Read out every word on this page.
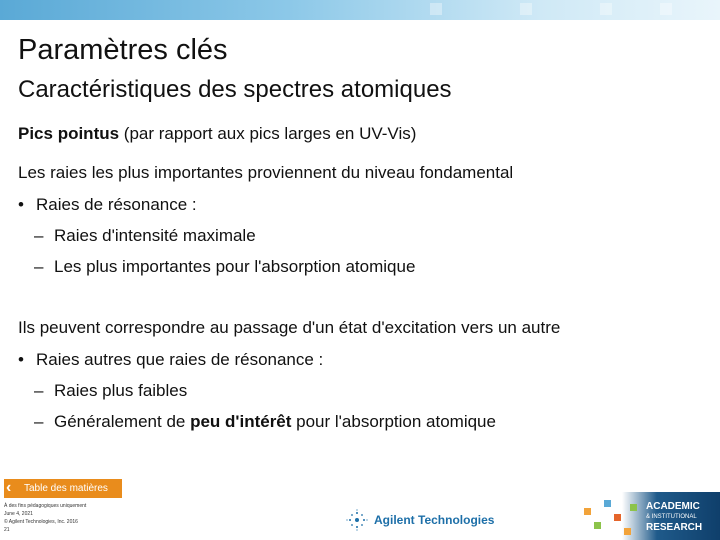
Paramètres clés
Caractéristiques des spectres atomiques
Pics pointus (par rapport aux pics larges en UV-Vis)
Les raies les plus importantes proviennent du niveau fondamental
• Raies de résonance :
– Raies d'intensité maximale
– Les plus importantes pour l'absorption atomique
Ils peuvent correspondre au passage d'un état d'excitation vers un autre
• Raies autres que raies de résonance :
– Raies plus faibles
– Généralement de peu d'intérêt pour l'absorption atomique
‹ Table des matières
À des fins pédagogiques uniquement
June 4, 2021
© Agilent Technologies, Inc. 2016
21
Agilent Technologies
ACADEMIC
& INSTITUTIONAL
RESEARCH
